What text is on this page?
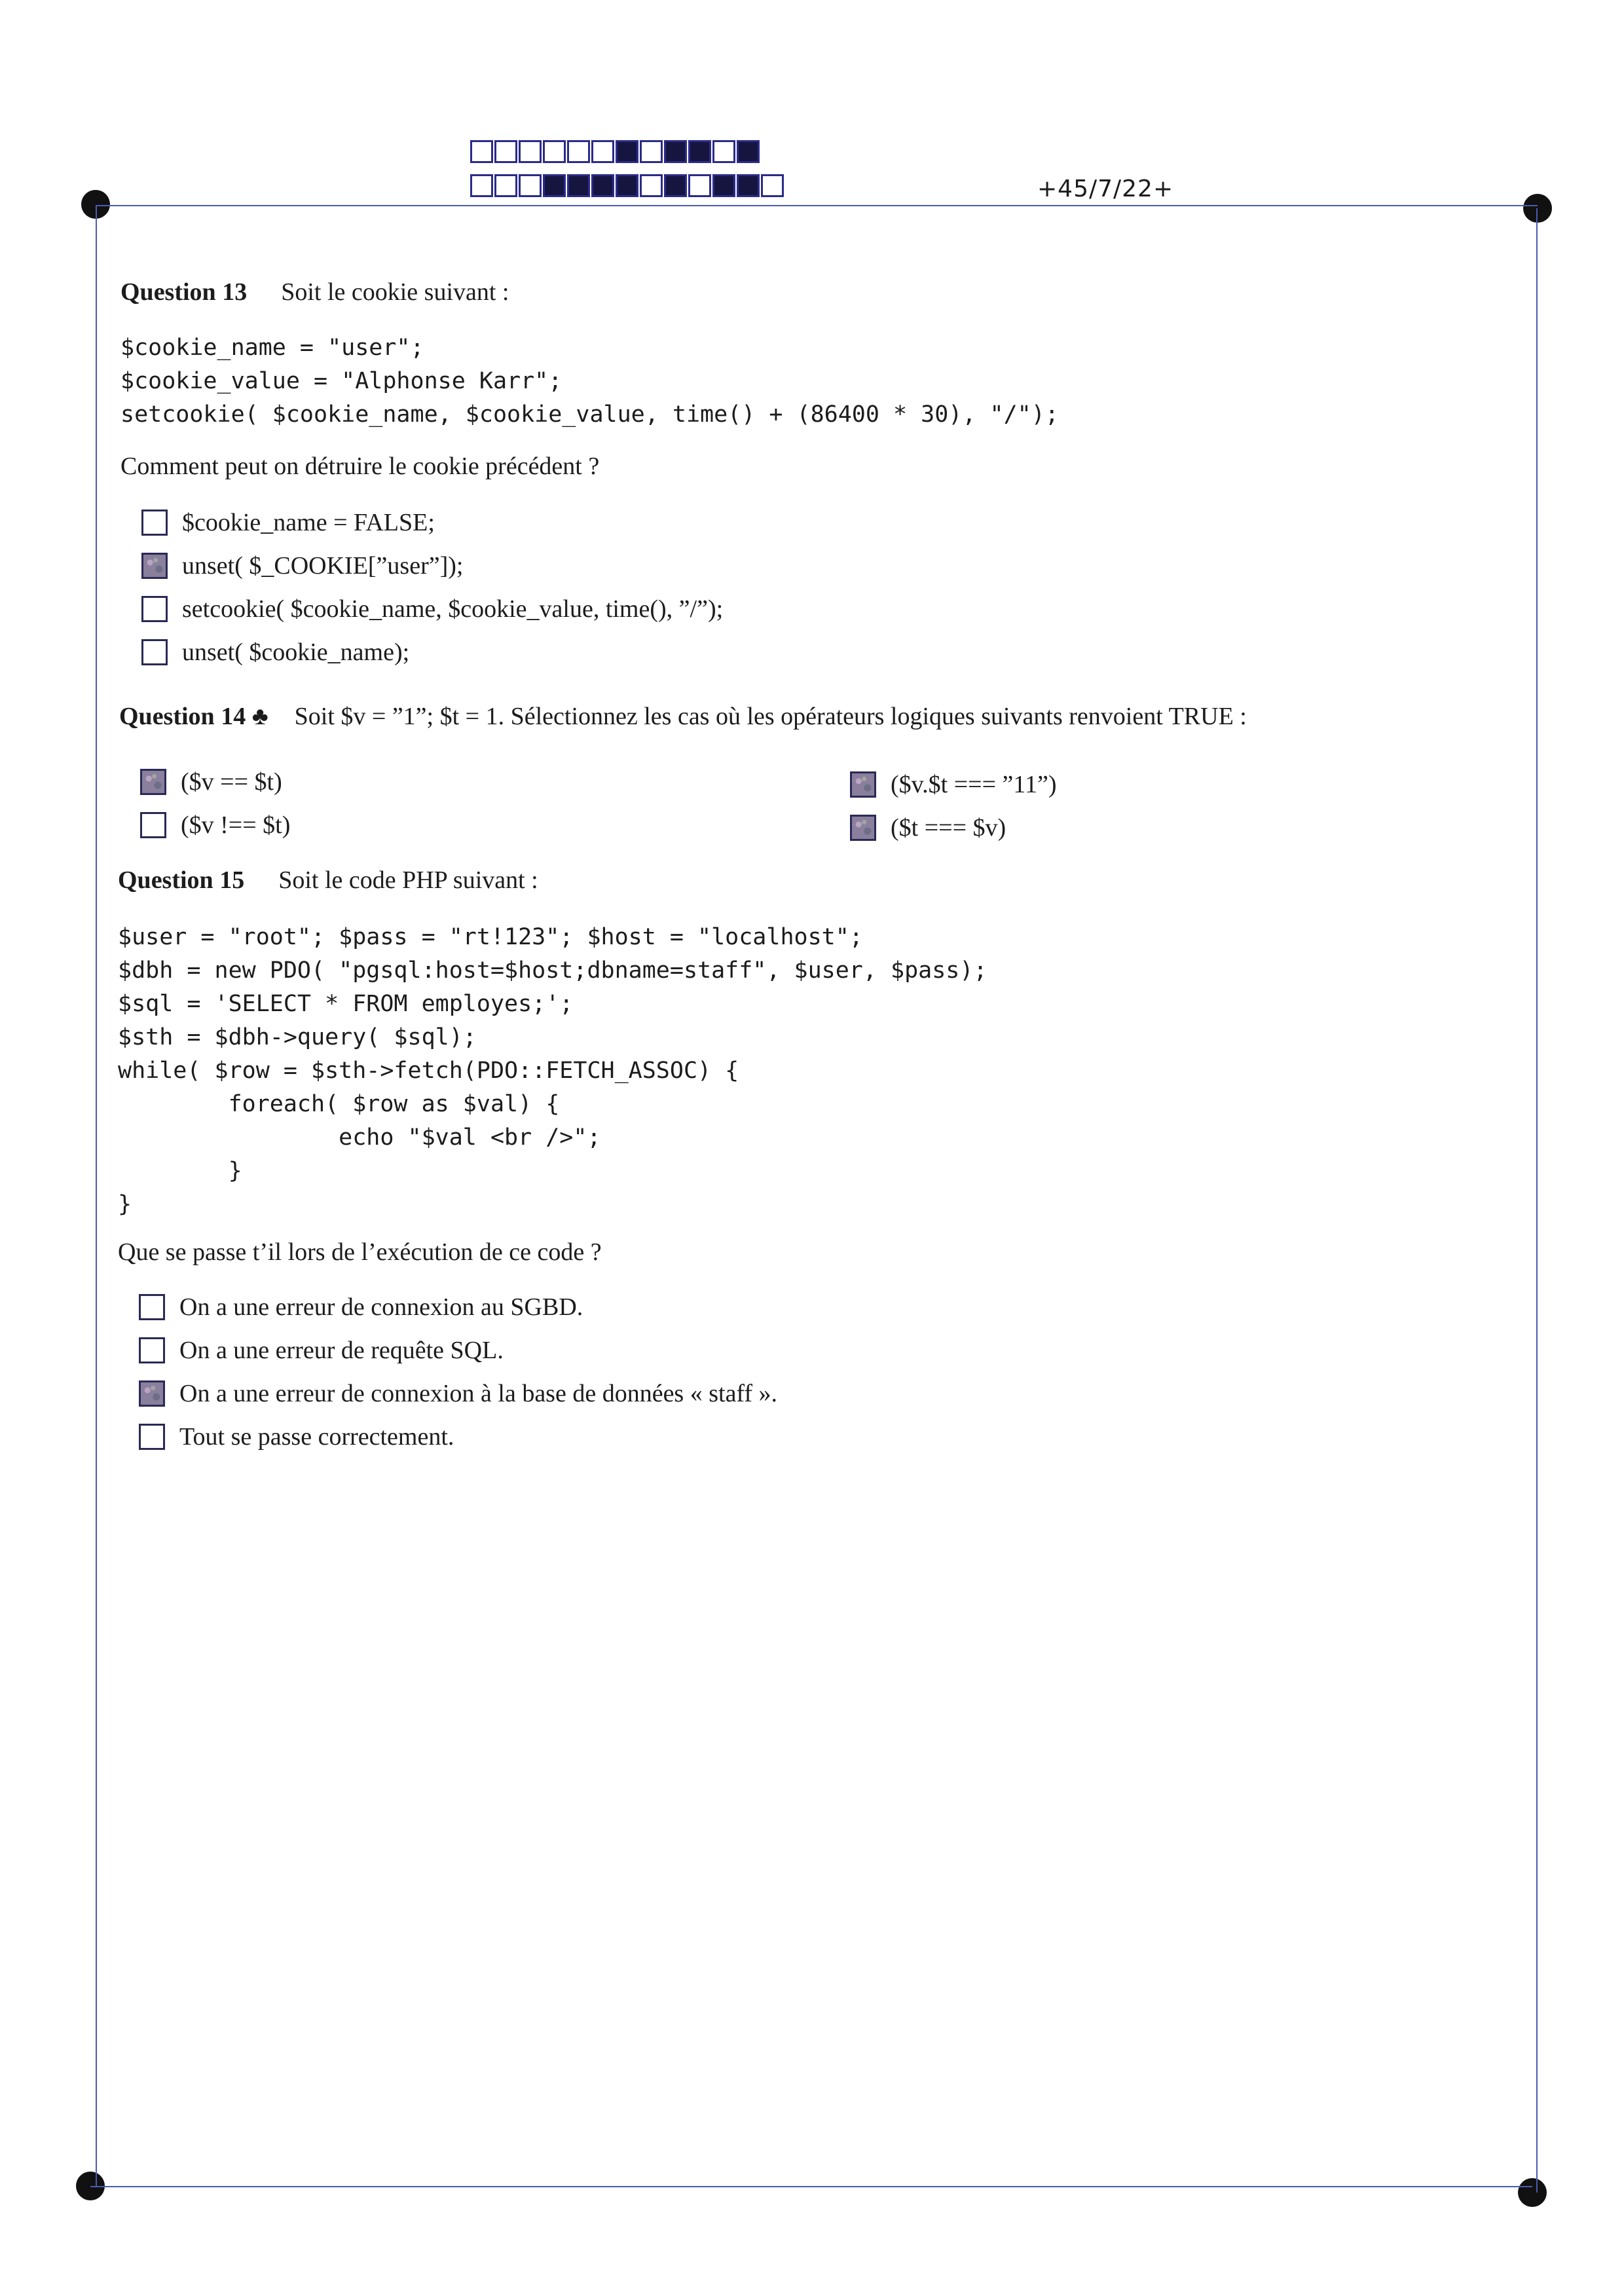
+45/7/22+
Question 13 Soit le cookie suivant :
$cookie_name = "user";
$cookie_value = "Alphonse Karr";
setcookie( $cookie_name, $cookie_value, time() + (86400 * 30), "/");
Comment peut on détruire le cookie précédent ?
$cookie_name = FALSE;
unset( $_COOKIE[”user”]);
setcookie( $cookie_name, $cookie_value, time(), ”/”);
unset( $cookie_name);
Question 14 ♣ Soit $v = ”1”; $t = 1. Sélectionnez les cas où les opérateurs logiques suivants renvoient TRUE :
($v == $t)
($v !== $t)
($v.$t === ”11”)
($t === $v)
Question 15 Soit le code PHP suivant :
$user = "root"; $pass = "rt!123"; $host = "localhost";
$dbh = new PDO( "pgsql:host=$host;dbname=staff", $user, $pass);
$sql = 'SELECT * FROM employes;';
$sth = $dbh->query( $sql);
while( $row = $sth->fetch(PDO::FETCH_ASSOC) {
foreach( $row as $val) {
echo "$val <br />";
}
}
Que se passe t’il lors de l’exécution de ce code ?
On a une erreur de connexion au SGBD.
On a une erreur de requête SQL.
On a une erreur de connexion à la base de données « staff ».
Tout se passe correctement.
